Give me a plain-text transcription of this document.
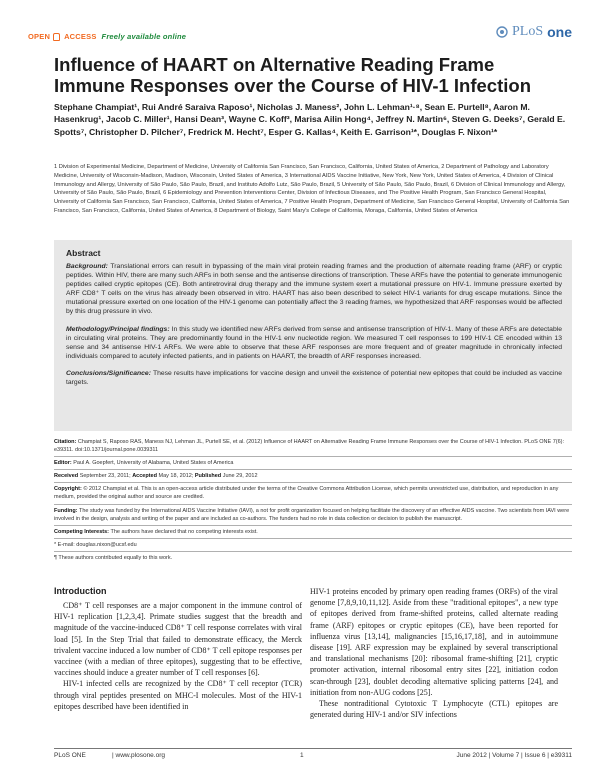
OPEN ACCESS Freely available online	PLoS one
Influence of HAART on Alternative Reading Frame Immune Responses over the Course of HIV-1 Infection
Stephane Champiat¹, Rui André Saraiva Raposo¹, Nicholas J. Maness², John L. Lehman¹·⁸, Sean E. Purtell⁸, Aaron M. Hasenkrug¹, Jacob C. Miller¹, Hansi Dean³, Wayne C. Koff³, Marisa Ailin Hong⁴, Jeffrey N. Martin⁶, Steven G. Deeks⁷, Gerald E. Spotts⁷, Christopher D. Pilcher⁷, Fredrick M. Hecht⁷, Esper G. Kallas⁴, Keith E. Garrison¹*, Douglas F. Nixon¹*
1 Division of Experimental Medicine, Department of Medicine, University of California San Francisco, San Francisco, California, United States of America, 2 Department of Pathology and Laboratory Medicine, University of Wisconsin-Madison, Madison, Wisconsin, United States of America, 3 International AIDS Vaccine Initiative, New York, New York, United States of America, 4 Division of Clinical Immunology and Allergy, University of São Paulo, São Paulo, Brazil, and Instituto Adolfo Lutz, São Paulo, Brazil, 5 University of São Paulo, São Paulo, Brazil, 6 Division of Clinical Immunology and Allergy, University of São Paulo, São Paulo, Brazil, 6 Epidemiology and Prevention Interventions Center, Division of Infectious Diseases, and The Positive Health Program, San Francisco General Hospital, University of California San Francisco, San Francisco, California, United States of America, 7 Positive Health Program, Department of Medicine, San Francisco General Hospital, University of California San Francisco, San Francisco, California, United States of America, 8 Department of Biology, Saint Mary's College of California, Moraga, California, United States of America
Abstract

Background: Translational errors can result in bypassing of the main viral protein reading frames and the production of alternate reading frame (ARF) or cryptic peptides. Within HIV, there are many such ARFs in both sense and the antisense directions of transcription. These ARFs have the potential to generate immunogenic peptides called cryptic epitopes (CE). Both antiretroviral drug therapy and the immune system exert a mutational pressure on HIV-1. Immune pressure exerted by ARF CD8⁺ T cells on the virus has already been observed in vitro. HAART has also been described to select HIV-1 variants for drug escape mutations. Since the mutational pressure exerted on one location of the HIV-1 genome can potentially affect the 3 reading frames, we hypothesized that ARF responses would be affected by this drug pressure in vivo.

Methodology/Principal findings: In this study we identified new ARFs derived from sense and antisense transcription of HIV-1. Many of these ARFs are detectable in circulating viral proteins. They are predominantly found in the HIV-1 env nucleotide region. We measured T cell responses to 199 HIV-1 CE encoded within 13 sense and 34 antisense HIV-1 ARFs. We were able to observe that these ARF responses are more frequent and of greater magnitude in chronically infected individuals compared to acutely infected patients, and in patients on HAART, the breadth of ARF responses increased.

Conclusions/Significance: These results have implications for vaccine design and unveil the existence of potential new epitopes that could be included as vaccine targets.

Citation: Champiat S, Raposo RAS, Maness NJ, Lehman JL, Purtell SE, et al. (2012) Influence of HAART on Alternative Reading Frame Immune Responses over the Course of HIV-1 Infection. PLoS ONE 7(6): e39311. doi:10.1371/journal.pone.0039311
Editor: Paul A. Goepfert, University of Alabama, United States of America
Received September 23, 2011; Accepted May 18, 2012; Published June 29, 2012
Copyright: © 2012 Champiat et al. This is an open-access article distributed under the terms of the Creative Commons Attribution License, which permits unrestricted use, distribution, and reproduction in any medium, provided the original author and source are credited.
Funding: The study was funded by the International AIDS Vaccine Initiative (IAVI), a not for profit organization focused on helping facilitate the discovery of an effective AIDS vaccine. Two scientists from IAVI were involved in the design, analysis and writing of the paper and are included as co-authors. The funders had no role in data collection or decision to publish the manuscript.
Competing Interests: The authors have declared that no competing interests exist.
* E-mail: douglas.nixon@ucsf.edu
¶ These authors contributed equally to this work.
Introduction

CD8⁺ T cell responses are a major component in the immune control of HIV-1 replication [1,2,3,4]. Primate studies suggest that the breadth and magnitude of the vaccine-induced CD8⁺ T cell response correlates with viral load [5]. In the Step Trial that failed to demonstrate efficacy, the Merck trivalent vaccine induced a low number of CD8⁺ T cell epitope responses per vaccinee (with a median of three epitopes), suggesting that to be effective, vaccines should induce a greater number of T cell responses [6].

HIV-1 infected cells are recognized by the CD8⁺ T cell receptor (TCR) through viral peptides presented on MHC-I molecules. Most of the HIV-1 epitopes described have been identified in

HIV-1 proteins encoded by primary open reading frames (ORFs) of the viral genome [7,8,9,10,11,12]. Aside from these "traditional epitopes", a new type of epitopes derived from frame-shifted proteins, called alternate reading frame (ARF) epitopes or cryptic epitopes (CE), have been reported for influenza virus [13,14], malignancies [15,16,17,18], and in autoimmune disease [19]. ARF expression may be explained by several transcriptional and translational mechanisms [20]: ribosomal frame-shifting [21], cryptic promoter activation, internal ribosomal entry sites [22], initiation codon scan-through [23], doublet decoding alternative splicing patterns [24], and initiation from non-AUG codons [25].

These nontraditional Cytotoxic T Lymphocyte (CTL) epitopes are generated during HIV-1 and/or SIV infections

PLoS ONE	| www.plosone.org	1	June 2012 | Volume 7 | Issue 6 | e39311
